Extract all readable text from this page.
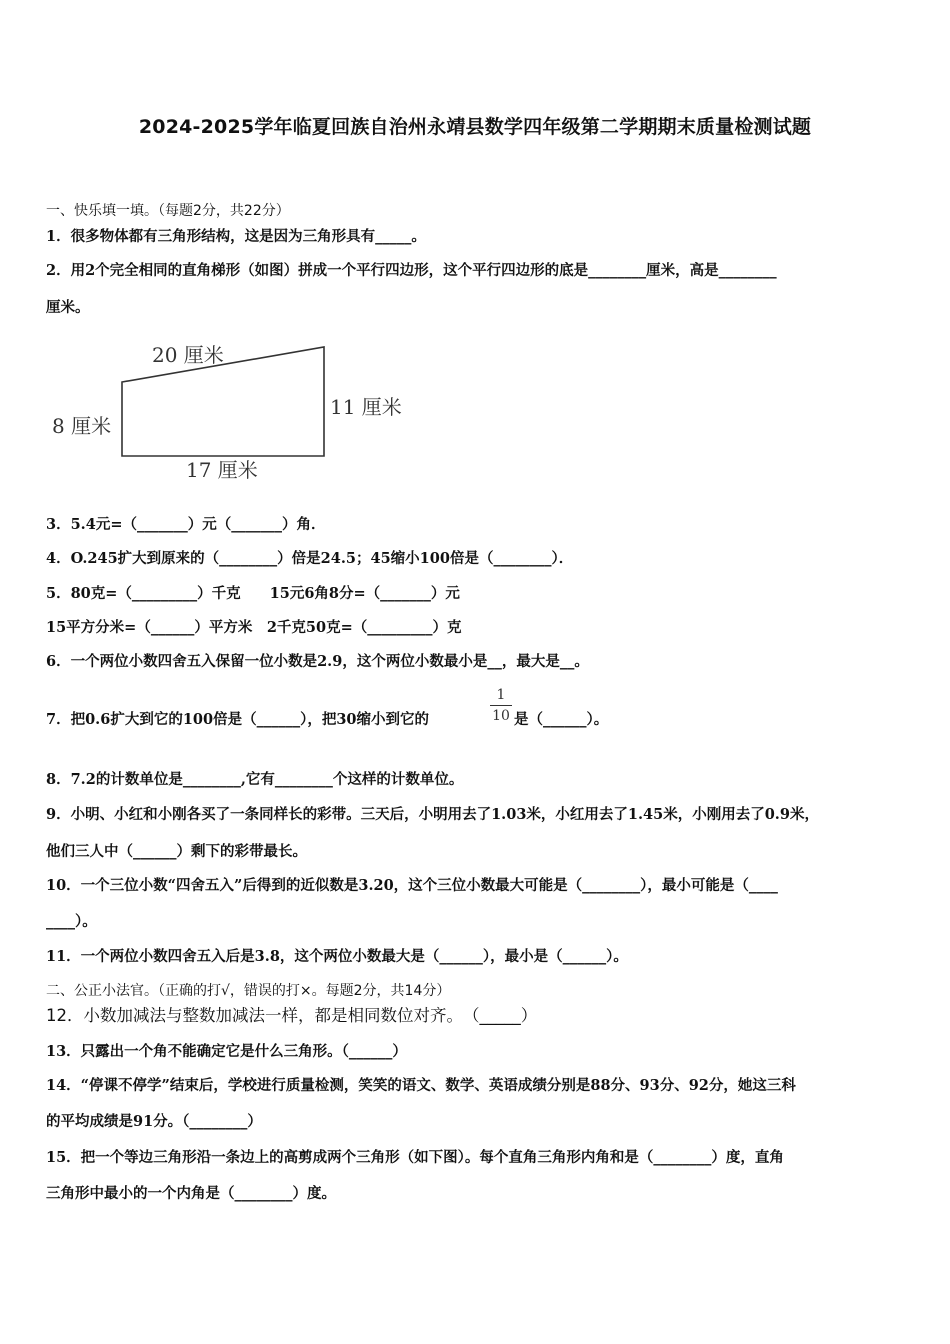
2024-2025学年临夏回族自治州永靖县数学四年级第二学期期末质量检测试题
一、快乐填一填。（每题2分，共22分）
1．很多物体都有三角形结构，这是因为三角形具有_____。
2．用2个完全相同的直角梯形（如图）拼成一个平行四边形，这个平行四边形的底是________厘米，高是________
厘米。
20 厘米
8 厘米
11 厘米
17 厘米
3．5.4元=（_______）元（_______）角．
4．O.245扩大到原来的（________）倍是24.5；45缩小100倍是（________）．
5．80克=（_________）千克　　15元6角8分=（_______）元
15平方分米=（______）平方米　2千克50克=（_________）克
6．一个两位小数四舍五入保留一位小数是2.9，这个两位小数最小是__，最大是__。
7．把0.6扩大到它的100倍是（______），把30缩小到它的
1
10 是（______）。
8．7.2的计数单位是________,它有________个这样的计数单位。
9．小明、小红和小刚各买了一条同样长的彩带。三天后，小明用去了1.03米，小红用去了1.45米，小刚用去了0.9米，
他们三人中（______）剩下的彩带最长。
10．一个三位小数“四舍五入”后得到的近似数是3.20，这个三位小数最大可能是（________），最小可能是（____
____）。
11．一个两位小数四舍五入后是3.8，这个两位小数最大是（______），最小是（______）。
二、公正小法官。（正确的打√，错误的打×。每题2分，共14分）
12．小数加减法与整数加减法一样，都是相同数位对齐。　（_____）
13．只露出一个角不能确定它是什么三角形。（______）
14．“停课不停学”结束后，学校进行质量检测，笑笑的语文、数学、英语成绩分别是88分、93分、92分，她这三科
的平均成绩是91分。（________）
15．把一个等边三角形沿一条边上的高剪成两个三角形（如下图）。每个直角三角形内角和是（________）度，直角
三角形中最小的一个内角是（________）度。
